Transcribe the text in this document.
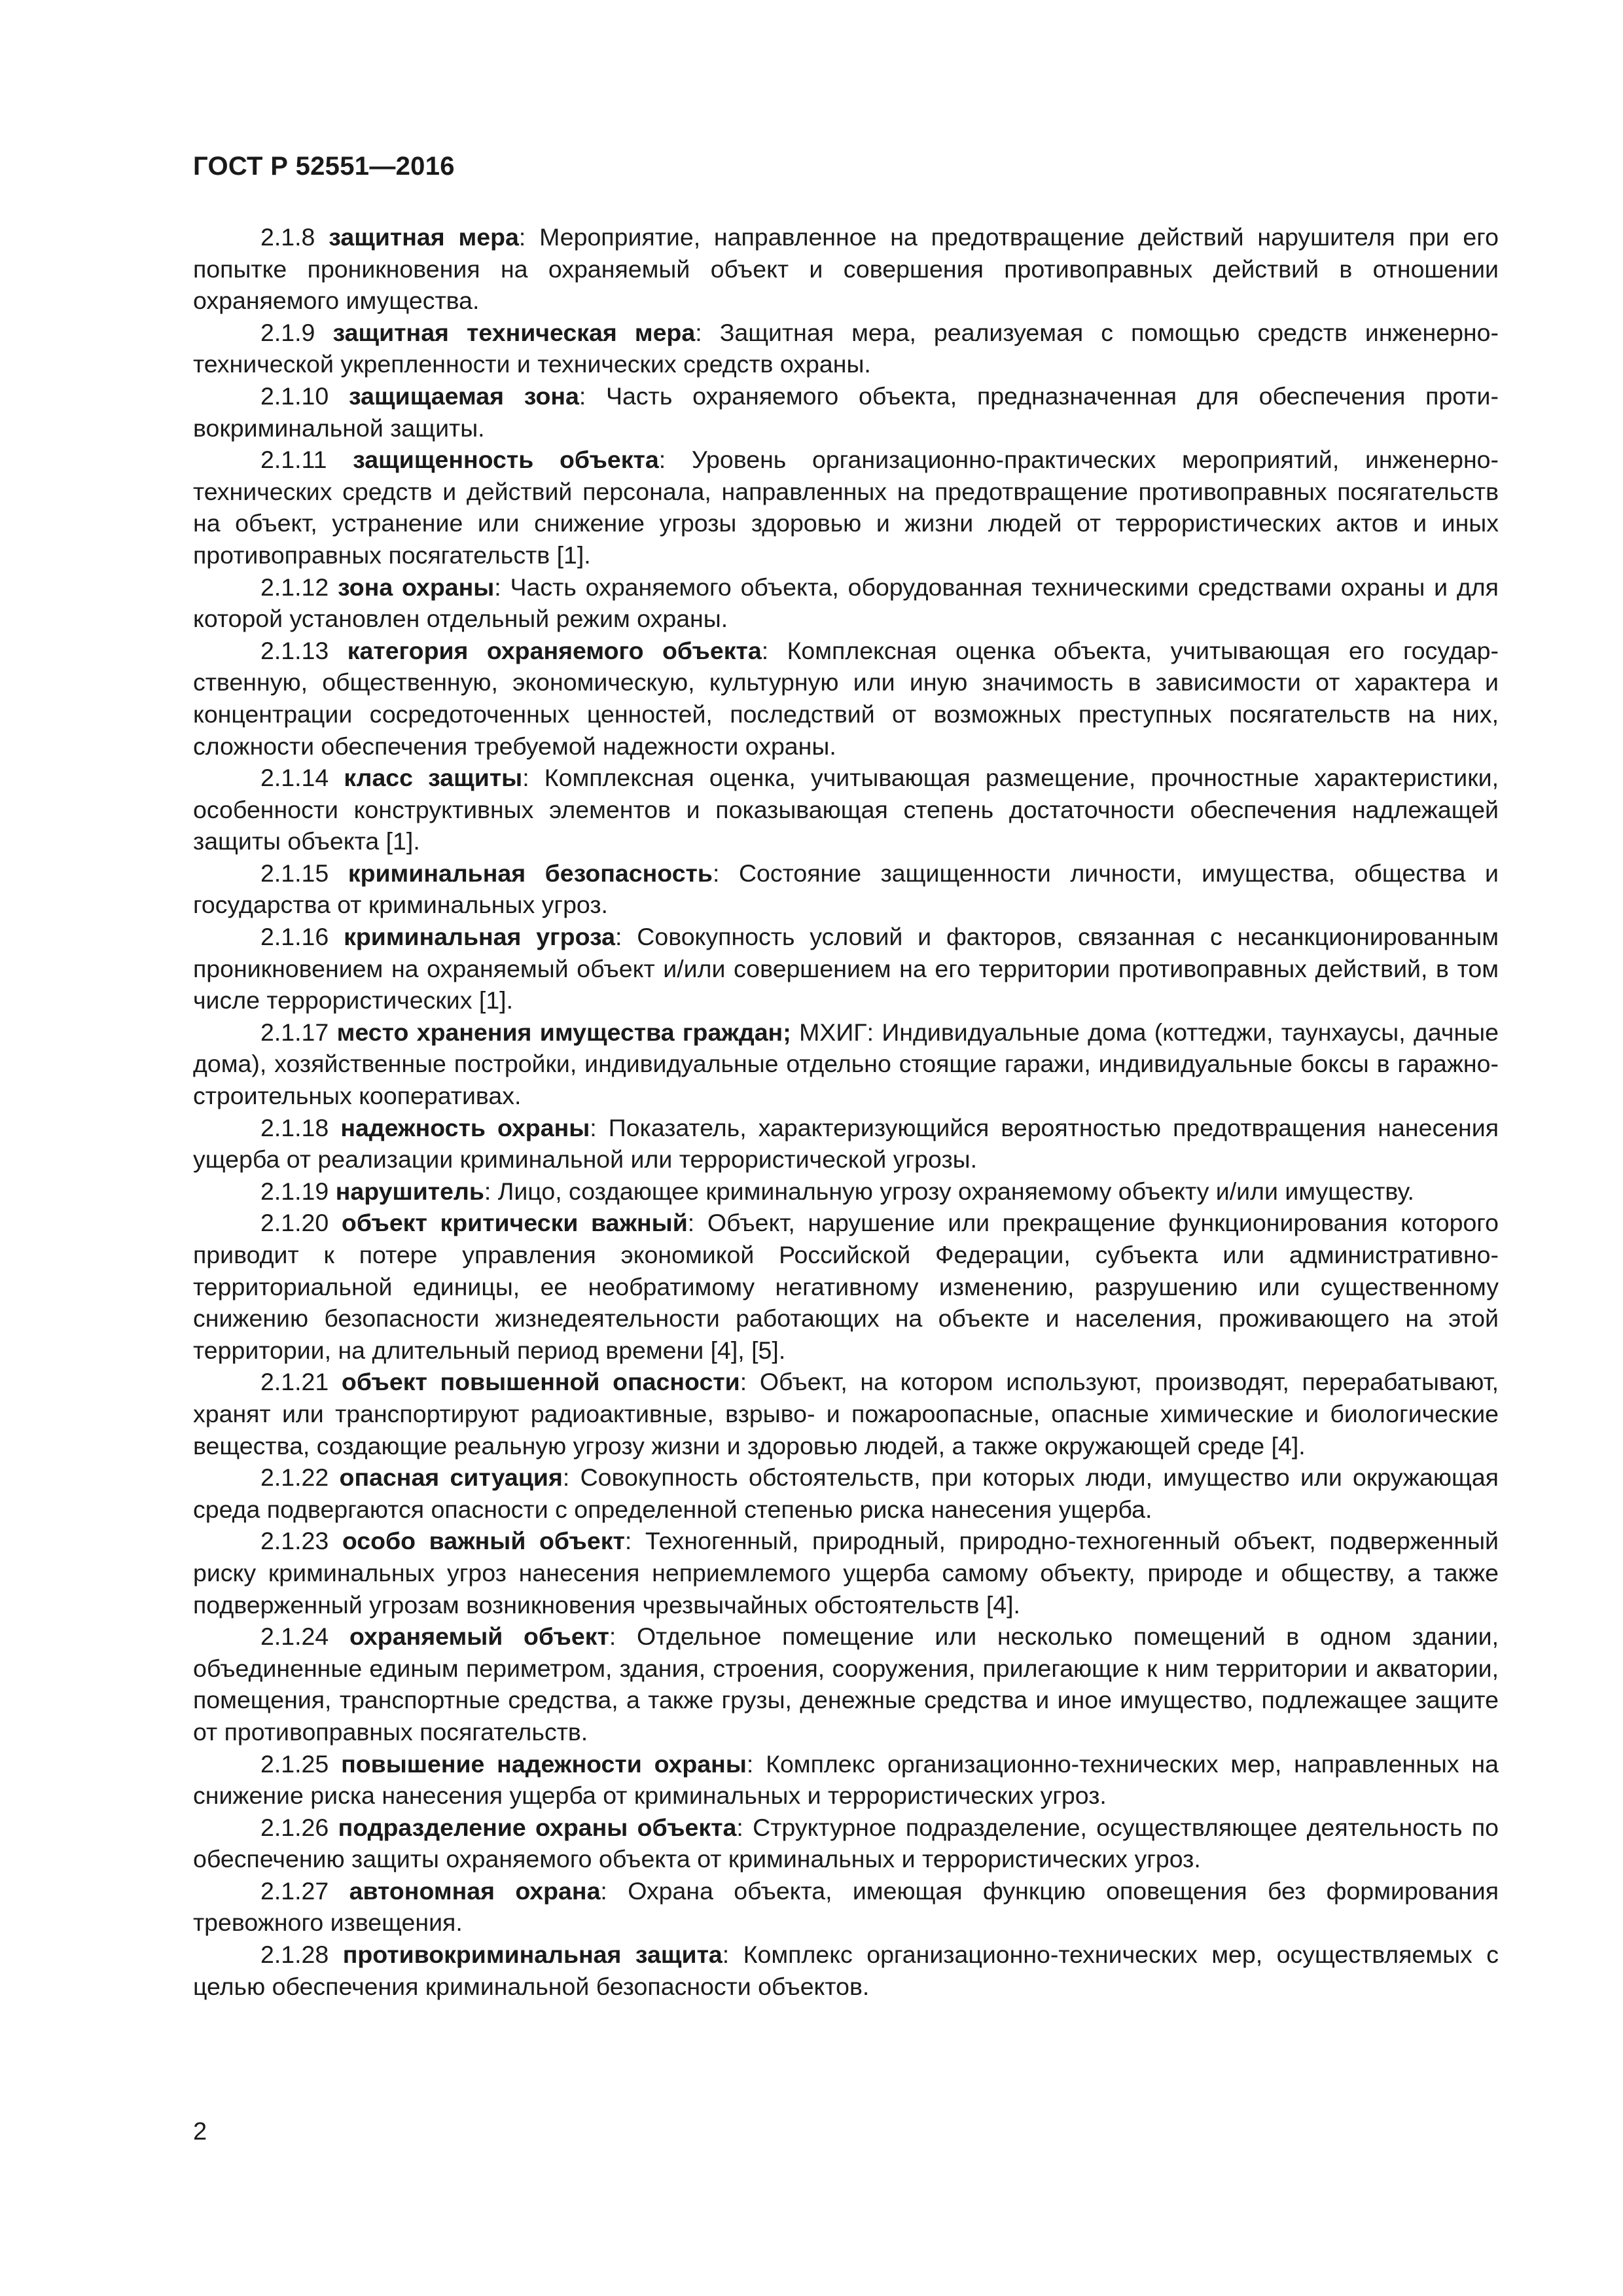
ГОСТ Р 52551—2016

2.1.8 защитная мера: Мероприятие, направленное на предотвращение действий нарушителя при его попытке проникновения на охраняемый объект и совершения противоправных действий в отношении охраняемого имущества.

2.1.9 защитная техническая мера: Защитная мера, реализуемая с помощью средств инженерно-технической укрепленности и технических средств охраны.

2.1.10 защищаемая зона: Часть охраняемого объекта, предназначенная для обеспечения противокриминальной защиты.

2.1.11 защищенность объекта: Уровень организационно-практических мероприятий, инженерно-технических средств и действий персонала, направленных на предотвращение противоправных посягательств на объект, устранение или снижение угрозы здоровью и жизни людей от террористических актов и иных противоправных посягательств [1].

2.1.12 зона охраны: Часть охраняемого объекта, оборудованная техническими средствами охраны и для которой установлен отдельный режим охраны.

2.1.13 категория охраняемого объекта: Комплексная оценка объекта, учитывающая его государственную, общественную, экономическую, культурную или иную значимость в зависимости от характера и концентрации сосредоточенных ценностей, последствий от возможных преступных посягательств на них, сложности обеспечения требуемой надежности охраны.

2.1.14 класс защиты: Комплексная оценка, учитывающая размещение, прочностные характеристики, особенности конструктивных элементов и показывающая степень достаточности обеспечения надлежащей защиты объекта [1].

2.1.15 криминальная безопасность: Состояние защищенности личности, имущества, общества и государства от криминальных угроз.

2.1.16 криминальная угроза: Совокупность условий и факторов, связанная с несанкционированным проникновением на охраняемый объект и/или совершением на его территории противоправных действий, в том числе террористических [1].

2.1.17 место хранения имущества граждан; МХИГ: Индивидуальные дома (коттеджи, таунхаусы, дачные дома), хозяйственные постройки, индивидуальные отдельно стоящие гаражи, индивидуальные боксы в гаражно-строительных кооперативах.

2.1.18 надежность охраны: Показатель, характеризующийся вероятностью предотвращения нанесения ущерба от реализации криминальной или террористической угрозы.

2.1.19 нарушитель: Лицо, создающее криминальную угрозу охраняемому объекту и/или имуществу.

2.1.20 объект критически важный: Объект, нарушение или прекращение функционирования которого приводит к потере управления экономикой Российской Федерации, субъекта или административно-территориальной единицы, ее необратимому негативному изменению, разрушению или существенному снижению безопасности жизнедеятельности работающих на объекте и населения, проживающего на этой территории, на длительный период времени [4], [5].

2.1.21 объект повышенной опасности: Объект, на котором используют, производят, перерабатывают, хранят или транспортируют радиоактивные, взрыво- и пожароопасные, опасные химические и биологические вещества, создающие реальную угрозу жизни и здоровью людей, а также окружающей среде [4].

2.1.22 опасная ситуация: Совокупность обстоятельств, при которых люди, имущество или окружающая среда подвергаются опасности с определенной степенью риска нанесения ущерба.

2.1.23 особо важный объект: Техногенный, природный, природно-техногенный объект, подверженный риску криминальных угроз нанесения неприемлемого ущерба самому объекту, природе и обществу, а также подверженный угрозам возникновения чрезвычайных обстоятельств [4].

2.1.24 охраняемый объект: Отдельное помещение или несколько помещений в одном здании, объединенные единым периметром, здания, строения, сооружения, прилегающие к ним территории и акватории, помещения, транспортные средства, а также грузы, денежные средства и иное имущество, подлежащее защите от противоправных посягательств.

2.1.25 повышение надежности охраны: Комплекс организационно-технических мер, направленных на снижение риска нанесения ущерба от криминальных и террористических угроз.

2.1.26 подразделение охраны объекта: Структурное подразделение, осуществляющее деятельность по обеспечению защиты охраняемого объекта от криминальных и террористических угроз.

2.1.27 автономная охрана: Охрана объекта, имеющая функцию оповещения без формирования тревожного извещения.

2.1.28 противокриминальная защита: Комплекс организационно-технических мер, осуществляемых с целью обеспечения криминальной безопасности объектов.

2
